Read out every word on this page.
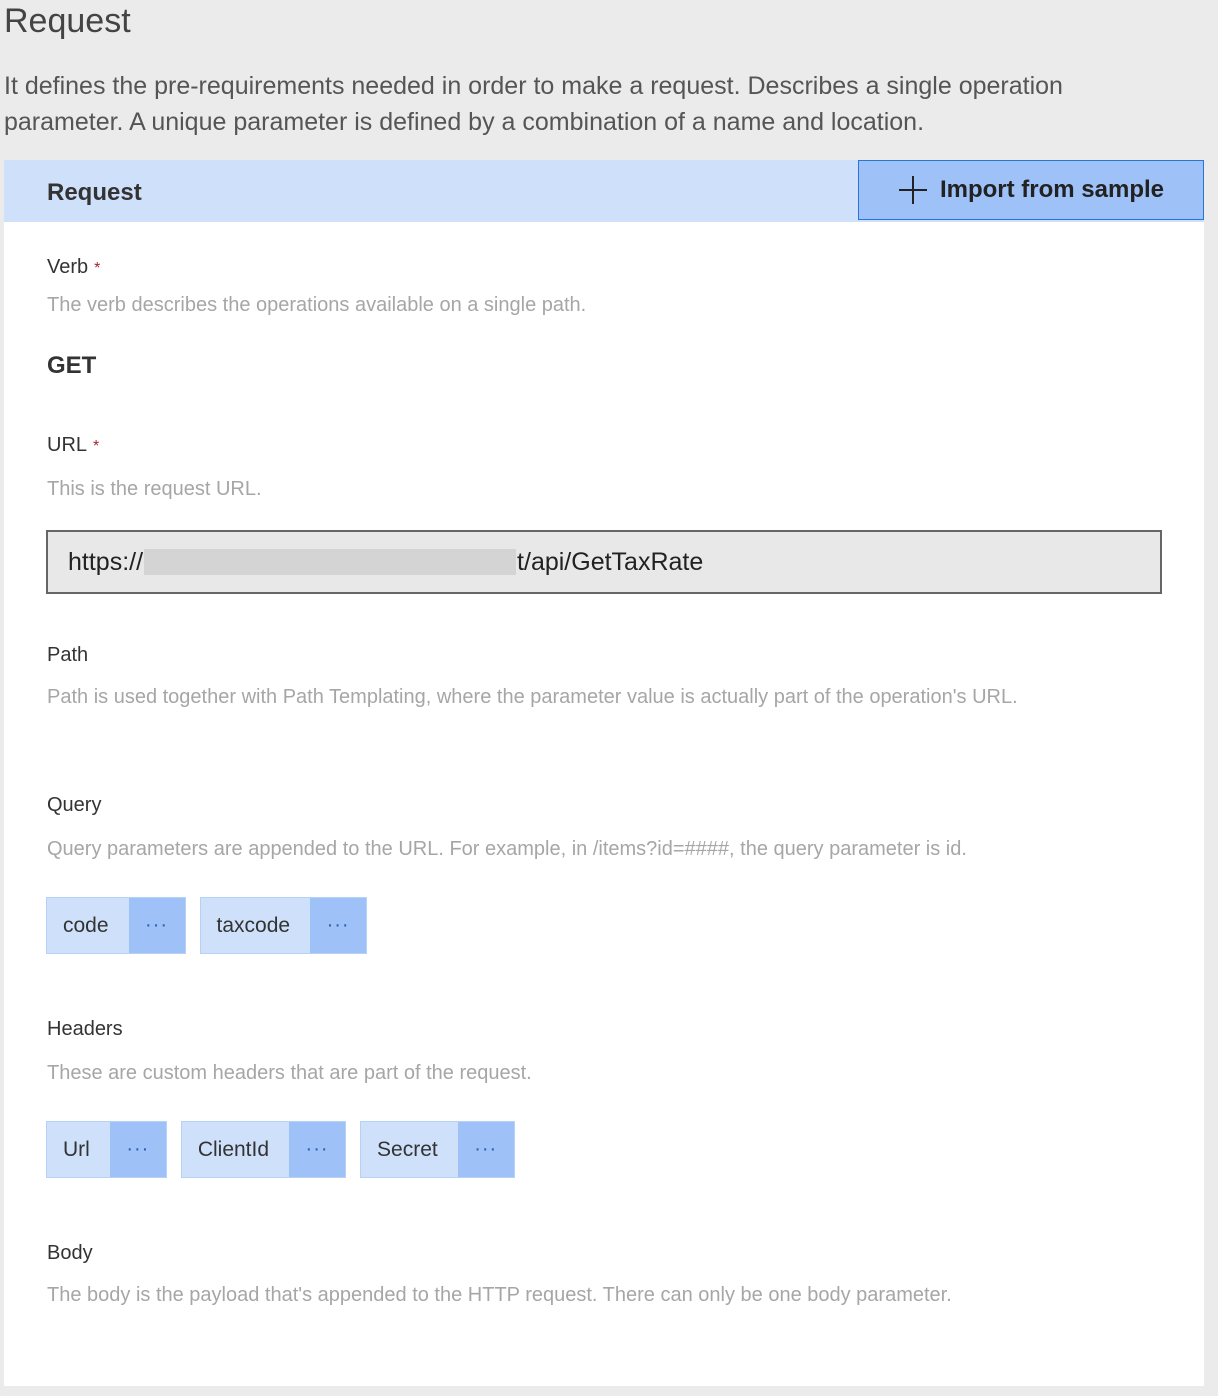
Request

It defines the pre-requirements needed in order to make a request. Describes a single operation parameter. A unique parameter is defined by a combination of a name and location.

Request	Import from sample
Verb *
The verb describes the operations available on a single path.
GET
URL *
This is the request URL.
https://	t/api/GetTaxRate
Path
Path is used together with Path Templating, where the parameter value is actually part of the operation's URL.
Query
Query parameters are appended to the URL. For example, in /items?id=####, the query parameter is id.
code	···	taxcode	···
Headers
These are custom headers that are part of the request.
Url	···	ClientId	···	Secret	···
Body
The body is the payload that's appended to the HTTP request. There can only be one body parameter.
